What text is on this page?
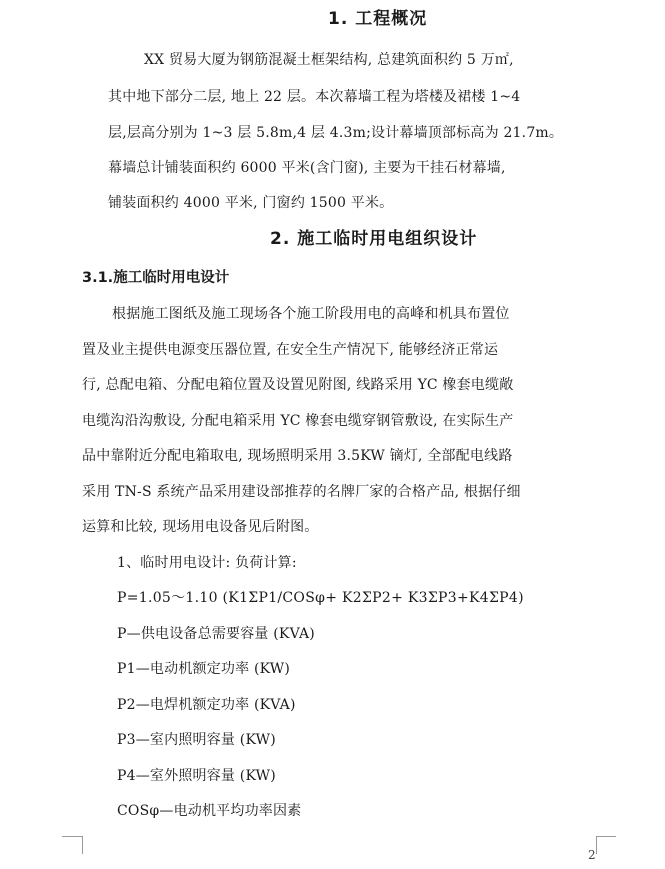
1. 工程概况
XX 贸易大厦为钢筋混凝土框架结构, 总建筑面积约 5 万㎡,
其中地下部分二层, 地上 22 层。本次幕墙工程为塔楼及裙楼 1~4
层,层高分别为 1~3 层 5.8m,4 层 4.3m;设计幕墙顶部标高为 21.7m。
幕墙总计铺装面积约 6000 平米(含门窗), 主要为干挂石材幕墙,
铺装面积约 4000 平米, 门窗约 1500 平米。
2. 施工临时用电组织设计
3.1.施工临时用电设计
根据施工图纸及施工现场各个施工阶段用电的高峰和机具布置位
置及业主提供电源变压器位置, 在安全生产情况下, 能够经济正常运
行, 总配电箱、分配电箱位置及设置见附图, 线路采用 YC 橡套电缆敞
电缆沟沿沟敷设, 分配电箱采用 YC 橡套电缆穿钢管敷设, 在实际生产
品中靠附近分配电箱取电, 现场照明采用 3.5KW 镝灯, 全部配电线路
采用 TN-S 系统产品采用建设部推荐的名牌厂家的合格产品, 根据仔细
运算和比较, 现场用电设备见后附图。
1、临时用电设计: 负荷计算:
P=1.05～1.10 (K1ΣP1/COSφ+ K2ΣP2+ K3ΣP3+K4ΣP4)
P—供电设备总需要容量 (KVA)
P1—电动机额定功率 (KW)
P2—电焊机额定功率 (KVA)
P3—室内照明容量 (KW)
P4—室外照明容量 (KW)
COSφ—电动机平均功率因素
2
